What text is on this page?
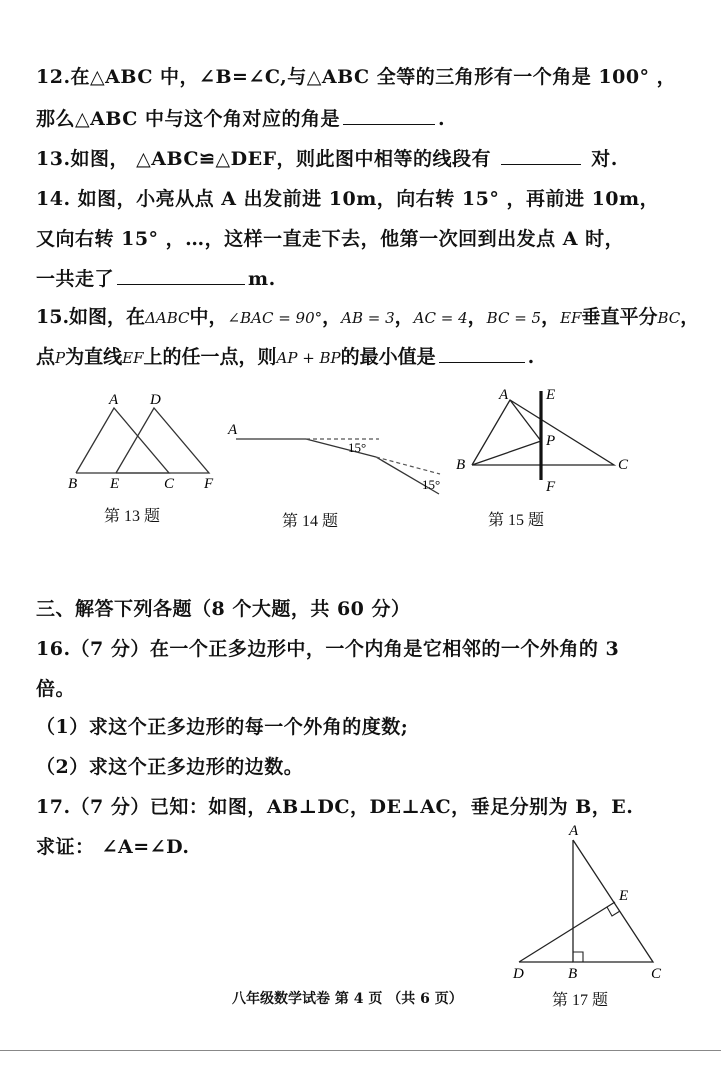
12.在△ABC 中，∠B=∠C,与△ABC 全等的三角形有一个角是 100° ，
那么△ABC 中与这个角对应的角是	.
13.如图， △ABC≌△DEF，则此图中相等的线段有	对.
14. 如图，小亮从点 A 出发前进 10m，向右转 15° ，再前进 10m，
又向右转 15° ，…，这样一直走下去，他第一次回到出发点 A 时，
一共走了	m.
15.如图，在ΔABC中，∠BAC = 90°，AB = 3，AC = 4，BC = 5，EF垂直平分BC，
点P为直线EF上的任一点，则AP + BP的最小值是	.
A D
B E	C F
第 13 题
A
15°
15°
第 14 题
A	E
P
B	C
F
第 15 题
三、解答下列各题（8 个大题，共 60 分）
16.（7 分）在一个正多边形中，一个内角是它相邻的一个外角的 3
倍。
（1）求这个正多边形的每一个外角的度数;
（2）求这个正多边形的边数。
17.（7 分）已知：如图，AB⊥DC，DE⊥AC，垂足分别为 B，E.
求证： ∠A=∠D.
A
E
D	B	C
第 17 题
八年级数学试卷 第 4 页 （共 6 页）
